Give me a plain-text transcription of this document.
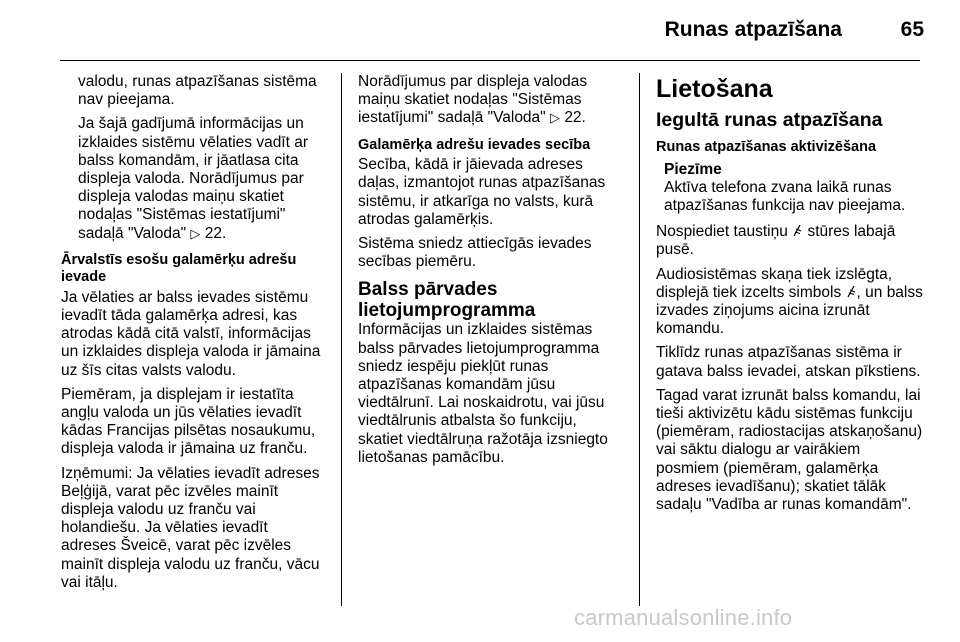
Runas atpazīšana	65

valodu, runas atpazīšanas sistēma nav pieejama.

Ja šajā gadījumā informācijas un izklaides sistēmu vēlaties vadīt ar balss komandām, ir jāatlasa cita displeja valoda. Norādījumus par displeja valodas maiņu skatiet nodaļas "Sistēmas iestatījumi" sadaļā "Valoda" ▷ 22.

Ārvalstīs esošu galamērķu adrešu ievade

Ja vēlaties ar balss ievades sistēmu ievadīt tāda galamērķa adresi, kas atrodas kādā citā valstī, informācijas un izklaides displeja valoda ir jāmaina uz šīs citas valsts valodu.

Piemēram, ja displejam ir iestatīta angļu valoda un jūs vēlaties ievadīt kādas Francijas pilsētas nosaukumu, displeja valoda ir jāmaina uz franču.

Izņēmumi: Ja vēlaties ievadīt adreses Beļģijā, varat pēc izvēles mainīt displeja valodu uz franču vai holandiešu. Ja vēlaties ievadīt adreses Šveicē, varat pēc izvēles mainīt displeja valodu uz franču, vācu vai itāļu.

Norādījumus par displeja valodas maiņu skatiet nodaļas "Sistēmas iestatījumi" sadaļā "Valoda" ▷ 22.

Galamērķa adrešu ievades secība

Secība, kādā ir jāievada adreses daļas, izmantojot runas atpazīšanas sistēmu, ir atkarīga no valsts, kurā atrodas galamērķis.

Sistēma sniedz attiecīgās ievades secības piemēru.

Balss pārvades lietojumprogramma

Informācijas un izklaides sistēmas balss pārvades lietojumprogramma sniedz iespēju piekļūt runas atpazīšanas komandām jūsu viedtālrunī. Lai noskaidrotu, vai jūsu viedtālrunis atbalsta šo funkciju, skatiet viedtālruņa ražotāja izsniegto lietošanas pamācību.

Lietošana
Iegultā runas atpazīšana
Runas atpazīšanas aktivizēšana
Piezīme
Aktīva telefona zvana laikā runas atpazīšanas funkcija nav pieejama.

Nospiediet taustiņu stūres labajā pusē.

Audiosistēmas skaņa tiek izslēgta, displejā tiek izcelts simbols , un balss izvades ziņojums aicina izrunāt komandu.

Tiklīdz runas atpazīšanas sistēma ir gatava balss ievadei, atskan pīkstiens.

Tagad varat izrunāt balss komandu, lai tieši aktivizētu kādu sistēmas funkciju (piemēram, radiostacijas atskaņošanu) vai sāktu dialogu ar vairākiem posmiem (piemēram, galamērķa adreses ievadīšanu); skatiet tālāk sadaļu "Vadība ar runas komandām".

carmanualsonline.info
